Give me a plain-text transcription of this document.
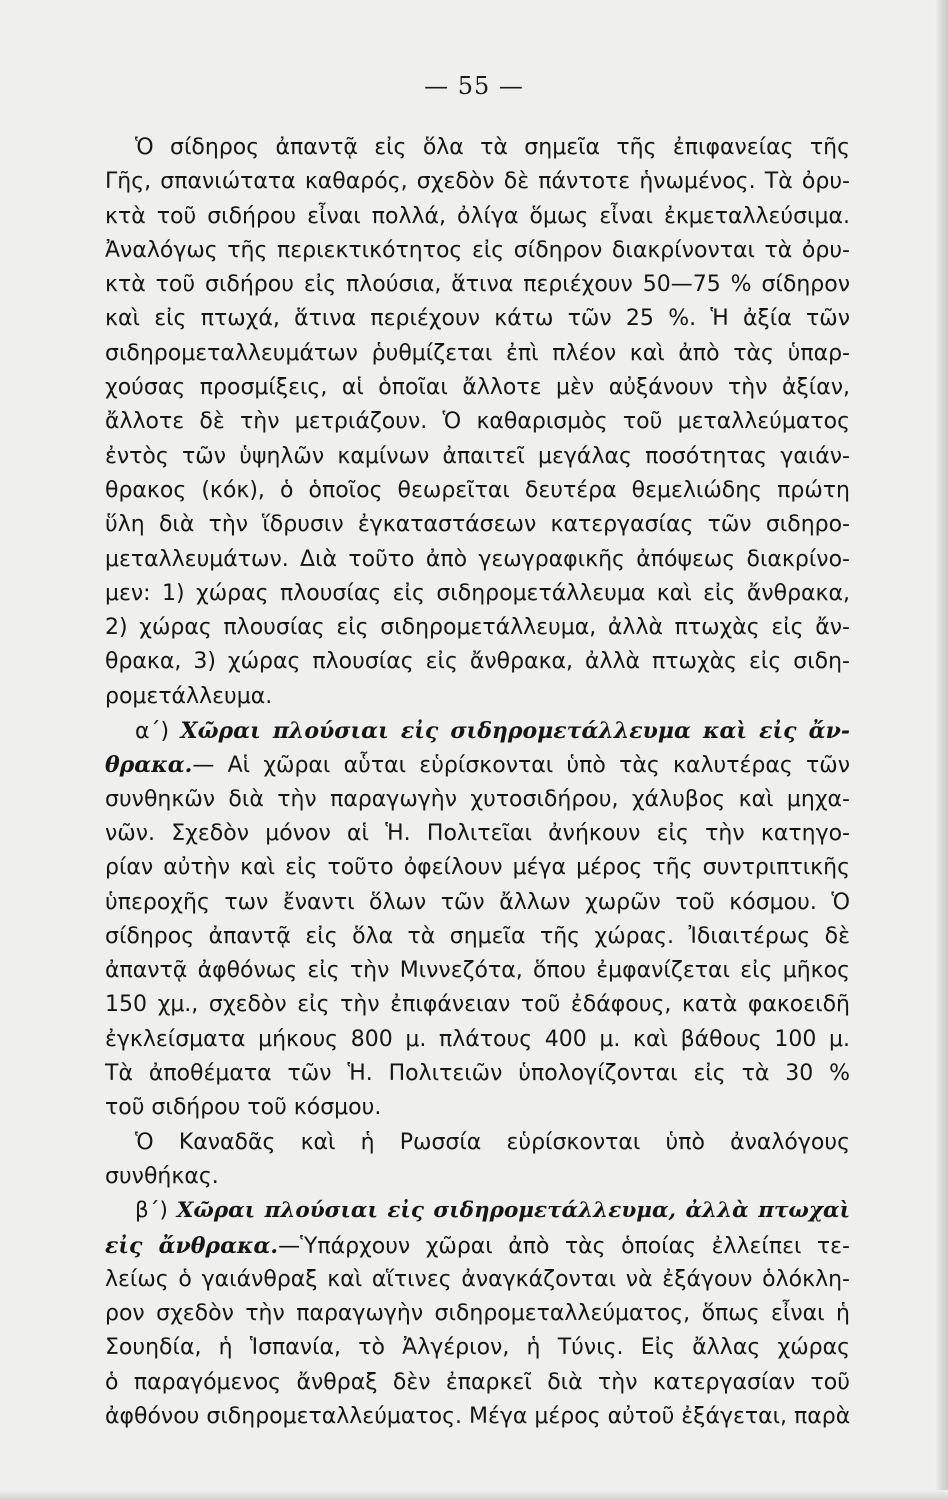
— 55 —
Ὁ σίδηρος ἀπαντᾷ εἰς ὅλα τὰ σημεῖα τῆς ἐπιφανείας τῆς
Γῆς, σπανιώτατα καθαρός, σχεδὸν δὲ πάντοτε ἡνωμένος. Τὰ ὀρυ-
κτὰ τοῦ σιδήρου εἶναι πολλά, ὀλίγα ὅμως εἶναι ἐκμεταλλεύσιμα.
Ἀναλόγως τῆς περιεκτικότητος εἰς σίδηρον διακρίνονται τὰ ὀρυ-
κτὰ τοῦ σιδήρου εἰς πλούσια, ἅτινα περιέχουν 50—75 % σίδηρον
καὶ εἰς πτωχά, ἅτινα περιέχουν κάτω τῶν 25 %. Ἡ ἀξία τῶν
σιδηρομεταλλευμάτων ῥυθμίζεται ἐπὶ πλέον καὶ ἀπὸ τὰς ὑπαρ-
χούσας προσμίξεις, αἱ ὁποῖαι ἄλλοτε μὲν αὐξάνουν τὴν ἀξίαν,
ἄλλοτε δὲ τὴν μετριάζουν. Ὁ καθαρισμὸς τοῦ μεταλλεύματος
ἐντὸς τῶν ὑψηλῶν καμίνων ἀπαιτεῖ μεγάλας ποσότητας γαιάν-
θρακος (κόκ), ὁ ὁποῖος θεωρεῖται δευτέρα θεμελιώδης πρώτη
ὕλη διὰ τὴν ἵδρυσιν ἐγκαταστάσεων κατεργασίας τῶν σιδηρο-
μεταλλευμάτων. Διὰ τοῦτο ἀπὸ γεωγραφικῆς ἀπόψεως διακρίνο-
μεν: 1) χώρας πλουσίας εἰς σιδηρομετάλλευμα καὶ εἰς ἄνθρακα,
2) χώρας πλουσίας εἰς σιδηρομετάλλευμα, ἀλλὰ πτωχὰς εἰς ἄν-
θρακα, 3) χώρας πλουσίας εἰς ἄνθρακα, ἀλλὰ πτωχὰς εἰς σιδη-
ρομετάλλευμα.
α΄) Χῶραι πλούσιαι εἰς σιδηρομετάλλευμα καὶ εἰς ἄν-
θρακα.— Αἱ χῶραι αὗται εὑρίσκονται ὑπὸ τὰς καλυτέρας τῶν
συνθηκῶν διὰ τὴν παραγωγὴν χυτοσιδήρου, χάλυβος καὶ μηχα-
νῶν. Σχεδὸν μόνον αἱ Ἡ. Πολιτεῖαι ἀνήκουν εἰς τὴν κατηγο-
ρίαν αὐτὴν καὶ εἰς τοῦτο ὀφείλουν μέγα μέρος τῆς συντριπτικῆς
ὑπεροχῆς των ἔναντι ὅλων τῶν ἄλλων χωρῶν τοῦ κόσμου. Ὁ
σίδηρος ἀπαντᾷ εἰς ὅλα τὰ σημεῖα τῆς χώρας. Ἰδιαιτέρως δὲ
ἀπαντᾷ ἀφθόνως εἰς τὴν Μιννεζότα, ὅπου ἐμφανίζεται εἰς μῆκος
150 χμ., σχεδὸν εἰς τὴν ἐπιφάνειαν τοῦ ἐδάφους, κατὰ φακοειδῆ
ἐγκλείσματα μήκους 800 μ. πλάτους 400 μ. καὶ βάθους 100 μ.
Τὰ ἀποθέματα τῶν Ἡ. Πολιτειῶν ὑπολογίζονται εἰς τὰ 30 %
τοῦ σιδήρου τοῦ κόσμου.
Ὁ Καναδᾶς καὶ ἡ Ρωσσία εὑρίσκονται ὑπὸ ἀναλόγους
συνθήκας.
β΄) Χῶραι πλούσιαι εἰς σιδηρομετάλλευμα, ἀλλὰ πτωχαὶ
εἰς ἄνθρακα.—Ὑπάρχουν χῶραι ἀπὸ τὰς ὁποίας ἐλλείπει τε-
λείως ὁ γαιάνθραξ καὶ αἵτινες ἀναγκάζονται νὰ ἐξάγουν ὁλόκλη-
ρον σχεδὸν τὴν παραγωγὴν σιδηρομεταλλεύματος, ὅπως εἶναι ἡ
Σουηδία, ἡ Ἱσπανία, τὸ Ἀλγέριον, ἡ Τύνις. Εἰς ἄλλας χώρας
ὁ παραγόμενος ἄνθραξ δὲν ἐπαρκεῖ διὰ τὴν κατεργασίαν τοῦ
ἀφθόνου σιδηρομεταλλεύματος. Μέγα μέρος αὐτοῦ ἐξάγεται, παρὰ
